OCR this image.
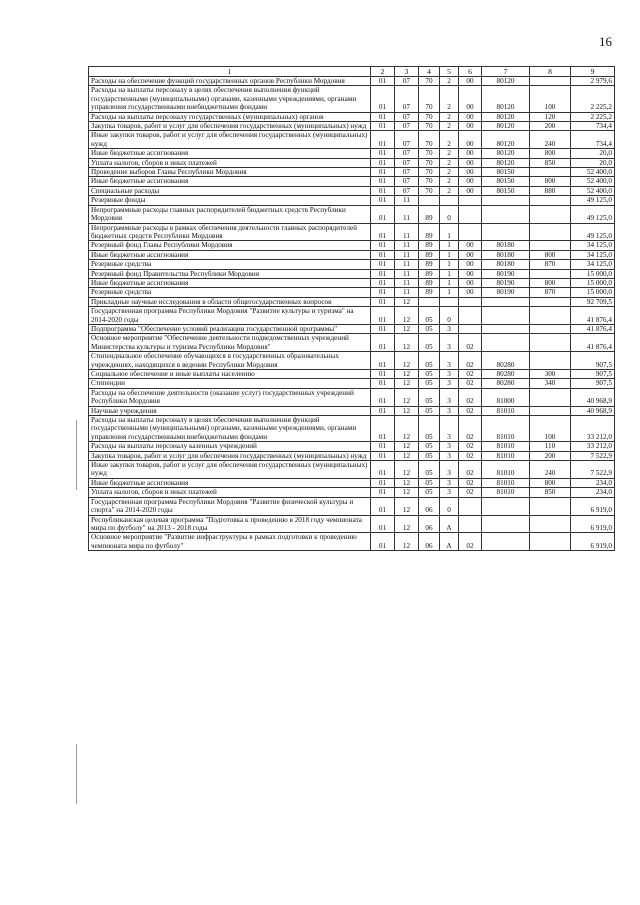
16
1	2	3	4	5	6	7	8	9
Расходы на обеспечение функций государственных органов Республики Мордовия	01	07	70	2	00	80120		2 979,6
Расходы на выплаты персоналу в целях обеспечения выполнения функций государственными (муниципальными) органами, казенными учреждениями, органами управления государственными внебюджетными фондами	01	07	70	2	00	80120	100	2 225,2
Расходы на выплаты персоналу государственных (муниципальных) органов	01	07	70	2	00	80120	120	2 225,2
Закупка товаров, работ и услуг для обеспечения государственных (муниципальных) нужд	01	07	70	2	00	80120	200	734,4
Иные закупки товаров, работ и услуг для обеспечения государственных (муниципальных) нужд	01	07	70	2	00	80120	240	734,4
Иные бюджетные ассигнования	01	07	70	2	00	80120	800	20,0
Уплата налогов, сборов и иных платежей	01	07	70	2	00	80120	850	20,0
Проведение выборов Главы Республики Мордовия	01	07	70	2	00	80150		52 400,0
Иные бюджетные ассигнования	01	07	70	2	00	80150	800	52 400,0
Специальные расходы	01	07	70	2	00	80150	880	52 400,0
Резервные фонды	01	11						49 125,0
Непрограммные расходы главных распорядителей бюджетных средств Республики Мордовия	01	11	89	0				49 125,0
Непрограммные расходы в рамках обеспечения деятельности главных распорядителей бюджетных средств Республики Мордовия	01	11	89	1				49 125,0
Резервный фонд Главы Республики Мордовия	01	11	89	1	00	80180		34 125,0
Иные бюджетные ассигнования	01	11	89	1	00	80180	800	34 125,0
Резервные средства	01	11	89	1	00	80180	870	34 125,0
Резервный фонд Правительства Республики Мордовия	01	11	89	1	00	80190		15 000,0
Иные бюджетные ассигнования	01	11	89	1	00	80190	800	15 000,0
Резервные средства	01	11	89	1	00	80190	870	15 000,0
Прикладные научные исследования в области общегосударственных вопросов	01	12						92 709,5
Государственная программа Республики Мордовия "Развитие культуры и туризма" на 2014-2020 годы	01	12	05	0				41 876,4
Подпрограмма "Обеспечение условий реализации государственной программы"	01	12	05	3				41 876,4
Основное мероприятие "Обеспечение деятельности подведомственных учреждений Министерства культуры и туризма Республики Мордовия"	01	12	05	3	02			41 876,4
Стипендиальное обеспечение обучающихся в государственных образовательных учреждениях, находящихся в ведении Республики Мордовия	01	12	05	3	02	80280		907,5
Социальное обеспечение и иные выплаты населению	01	12	05	3	02	80280	300	907,5
Стипендии	01	12	05	3	02	80280	340	907,5
Расходы на обеспечение деятельности (оказание услуг) государственных учреждений Республики Мордовия	01	12	05	3	02	81000		40 968,9
Научные учреждения	01	12	05	3	02	81010		40 968,9
Расходы на выплаты персоналу в целях обеспечения выполнения функций государственными (муниципальными) органами, казенными учреждениями, органами управления государственными внебюджетными фондами	01	12	05	3	02	81010	100	33 212,0
Расходы на выплаты персоналу казенных учреждений	01	12	05	3	02	81010	110	33 212,0
Закупка товаров, работ и услуг для обеспечения государственных (муниципальных) нужд	01	12	05	3	02	81010	200	7 522,9
Иные закупки товаров, работ и услуг для обеспечения государственных (муниципальных) нужд	01	12	05	3	02	81010	240	7 522,9
Иные бюджетные ассигнования	01	12	05	3	02	81010	800	234,0
Уплата налогов, сборов и иных платежей	01	12	05	3	02	81010	850	234,0
Государственная программа Республики Мордовия "Развитие физической культуры и спорта" на 2014-2020 годы	01	12	06	0				6 919,0
Республиканская целевая программа "Подготовка к проведению в 2018 году чемпионата мира по футболу" на 2013 - 2018 годы	01	12	06	А				6 919,0
Основное мероприятие "Развитие инфраструктуры в рамках подготовки к проведению чемпионата мира по футболу"	01	12	06	А	02			6 919,0
